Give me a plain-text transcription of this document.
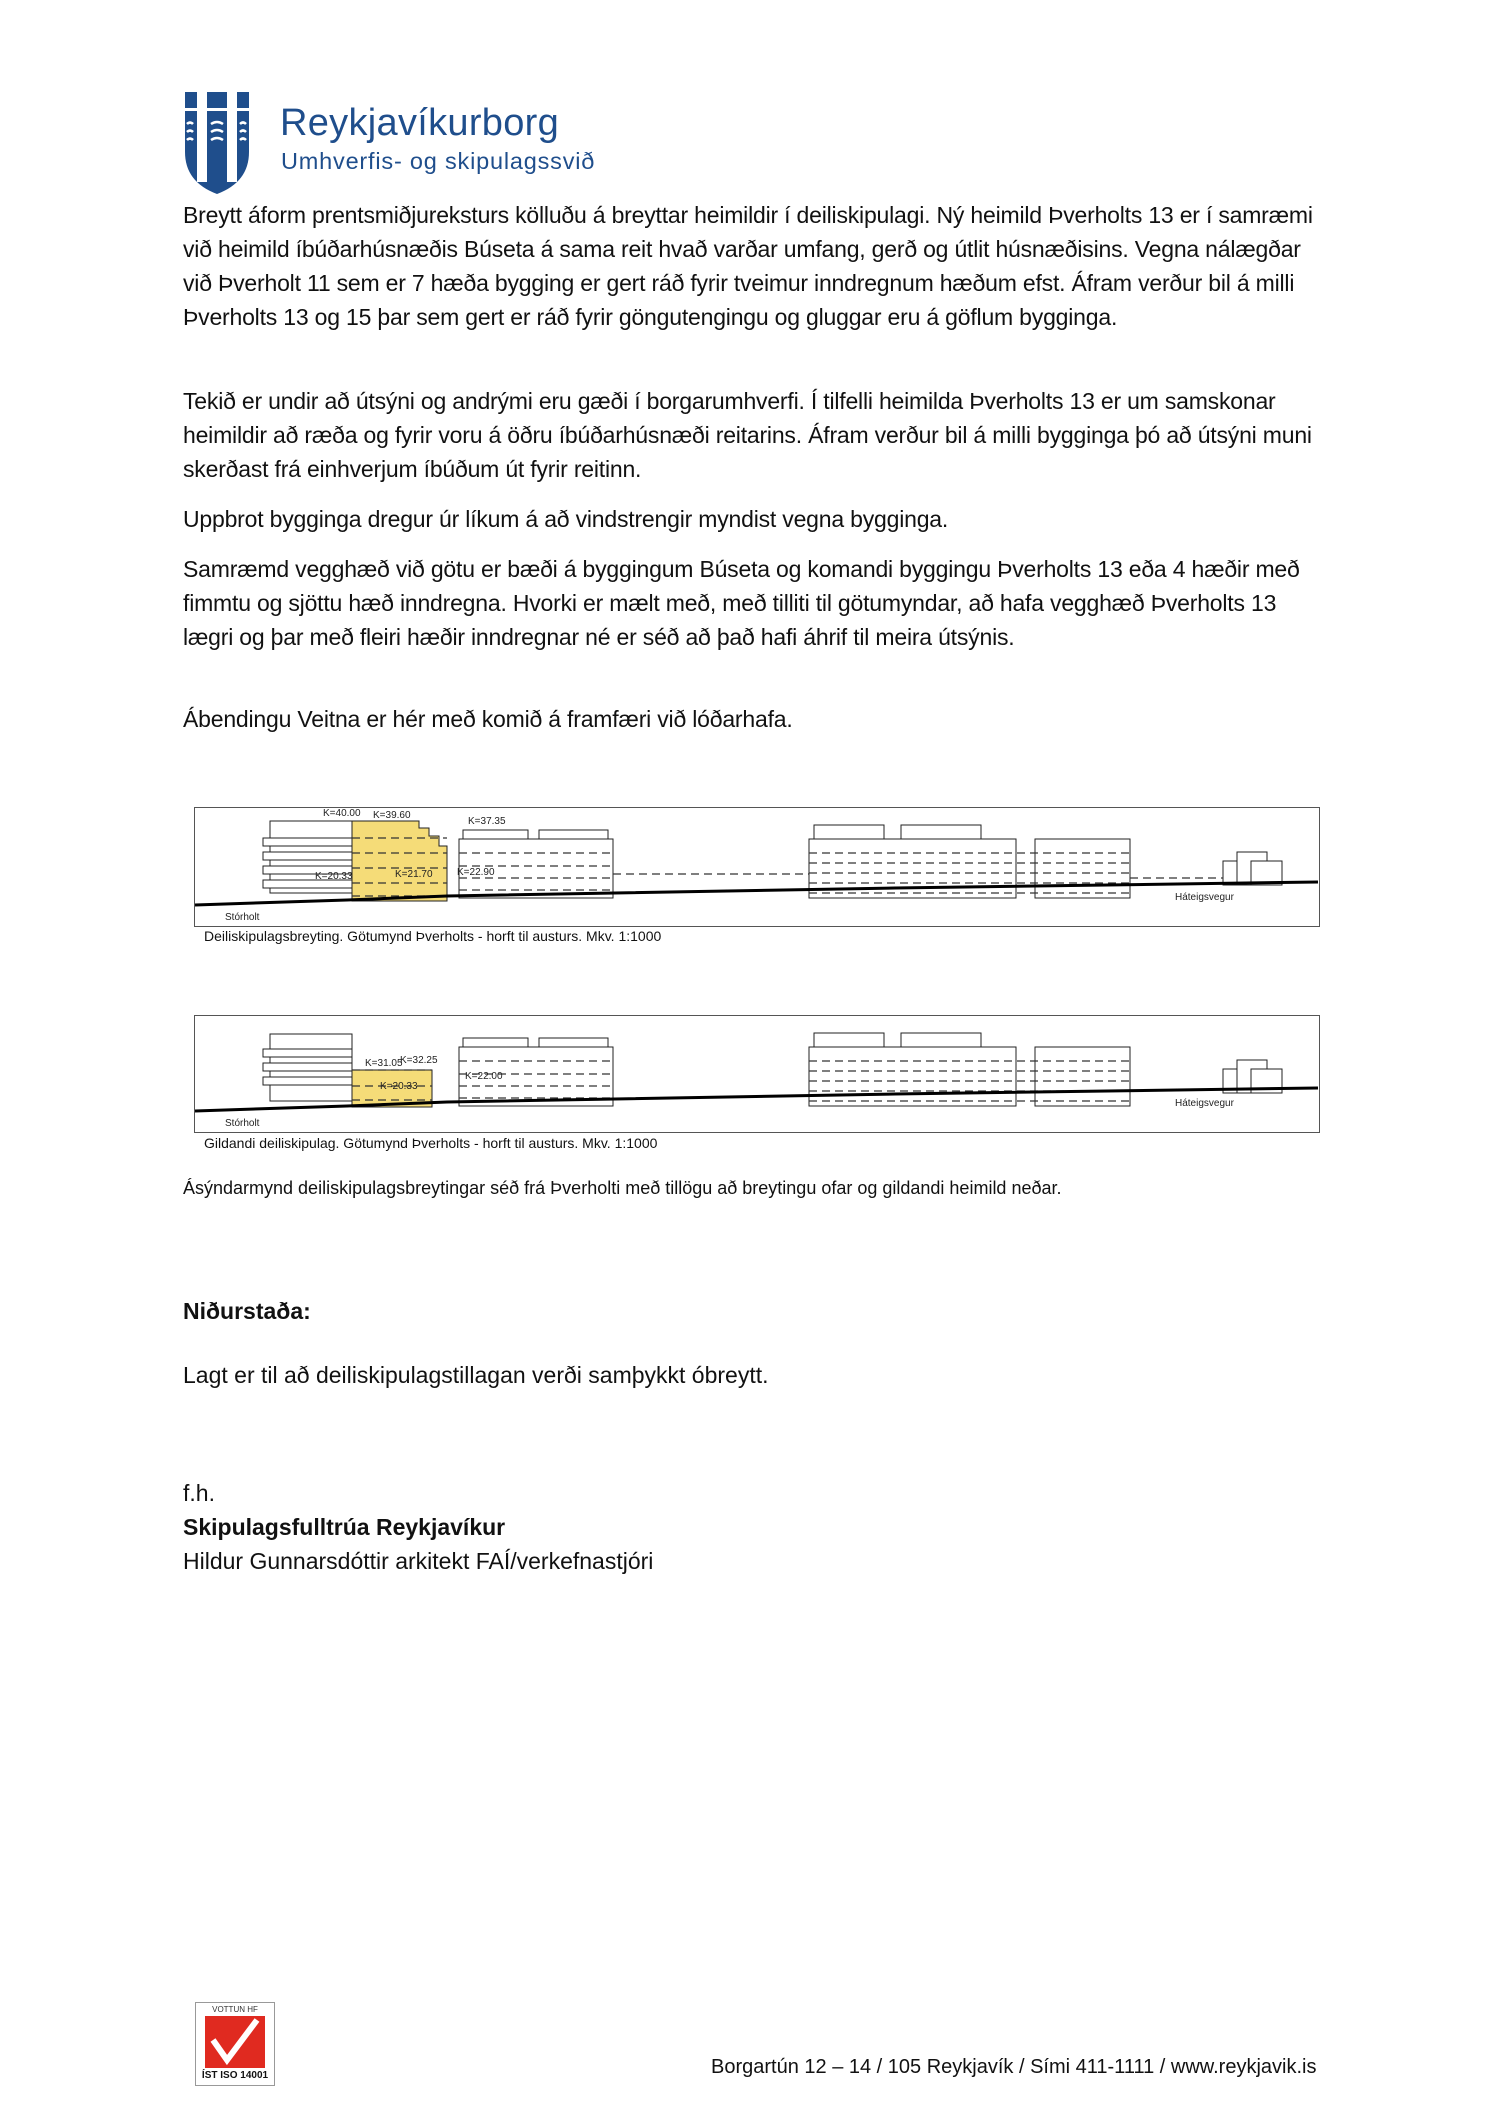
Reykjavíkurborg
Umhverfis- og skipulagssvið

Breytt áform prentsmiðjureksturs kölluðu á breyttar heimildir í deiliskipulagi. Ný heimild Þverholts 13 er í samræmi við heimild íbúðarhúsnæðis Búseta á sama reit hvað varðar umfang, gerð og útlit húsnæðisins. Vegna nálægðar við Þverholt 11 sem er 7 hæða bygging er gert ráð fyrir tveimur inndregnum hæðum efst. Áfram verður bil á milli Þverholts 13 og 15 þar sem gert er ráð fyrir göngutengingu og gluggar eru á göflum bygginga.

Tekið er undir að útsýni og andrými eru gæði í borgarumhverfi. Í tilfelli heimilda Þverholts 13 er um samskonar heimildir að ræða og fyrir voru á öðru íbúðarhúsnæði reitarins. Áfram verður bil á milli bygginga þó að útsýni muni skerðast frá einhverjum íbúðum út fyrir reitinn.

Uppbrot bygginga dregur úr líkum á að vindstrengir myndist vegna bygginga.

Samræmd vegghæð við götu er bæði á byggingum Búseta og komandi byggingu Þverholts 13 eða 4 hæðir með fimmtu og sjöttu hæð inndregna. Hvorki er mælt með, með tilliti til götumyndar, að hafa vegghæð Þverholts 13 lægri og þar með fleiri hæðir inndregnar né er séð að það hafi áhrif til meira útsýnis.

Ábendingu Veitna er hér með komið á framfæri við lóðarhafa.

K=40.00 K=39.60
K=37.35
K=20.33	K=21.70 K=22.90
Stórholt
Háteigsvegur
Deiliskipulagsbreyting. Götumynd Þverholts - horft til austurs. Mkv. 1:1000
K=31.05
K=32.25
K=20.33
K=22.00
Stórholt
Háteigsvegur
Gildandi deiliskipulag. Götumynd Þverholts - horft til austurs. Mkv. 1:1000
Ásýndarmynd deiliskipulagsbreytingar séð frá Þverholti með tillögu að breytingu ofar og gildandi heimild neðar.
Niðurstaða:
Lagt er til að deiliskipulagstillagan verði samþykkt óbreytt.
f.h.
Skipulagsfulltrúa Reykjavíkur
Hildur Gunnarsdóttir arkitekt FAÍ/verkefnastjóri
VOTTUN HF
ÍST ISO 14001	Borgartún 12 – 14 / 105 Reykjavík / Sími 411-1111 / www.reykjavik.is
